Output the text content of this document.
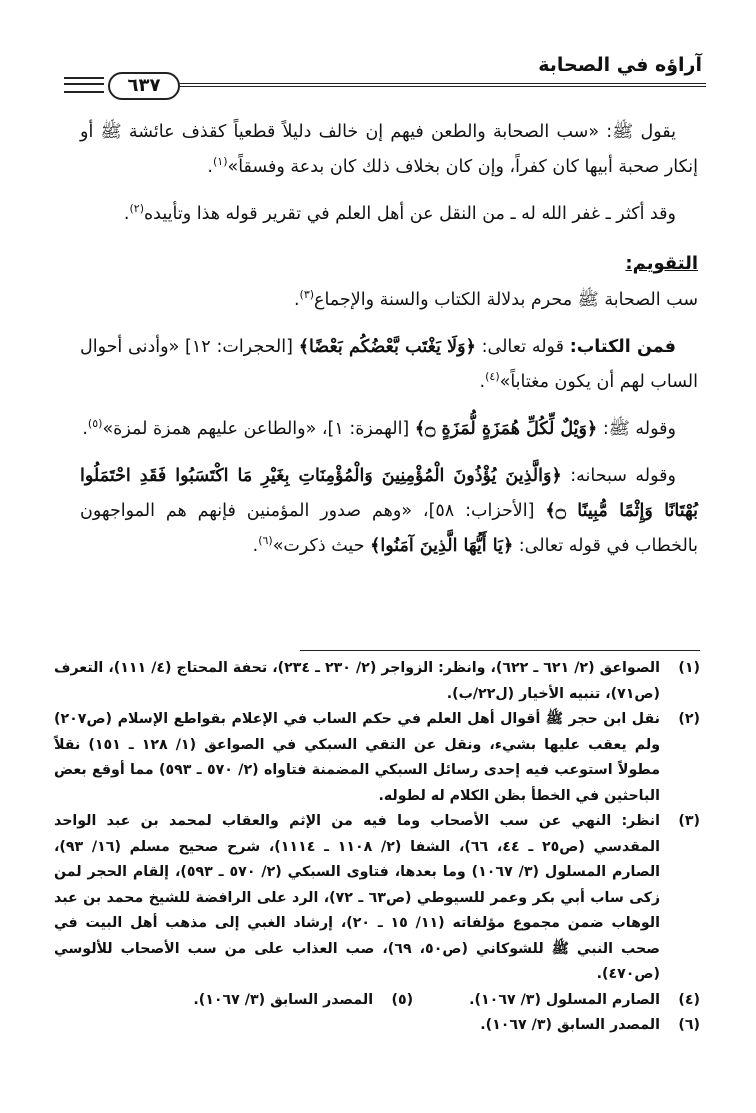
آراؤه في الصحابة
٦٣٧

يقول ﷺ: «سب الصحابة والطعن فيهم إن خالف دليلاً قطعياً كقذف عائشة ﷺ أو إنكار صحبة أبيها كان كفراً، وإن كان بخلاف ذلك كان بدعة وفسقاً»$^{(١)}$.

وقد أكثر ـ غفر الله له ـ من النقل عن أهل العلم في تقرير قوله هذا وتأييده$^{(٢)}$.

التقويم:

سب الصحابة ﷺ محرم بدلالة الكتاب والسنة والإجماع$^{(٣)}$.

فمن الكتاب: قوله تعالى: ﴿وَلَا يَغْتَب بَّعْضُكُم بَعْضًا﴾ [الحجرات: ١٢] «وأدنى أحوال الساب لهم أن يكون مغتاباً»$^{(٤)}$.

وقوله ﷺ: ﴿وَيْلٌ لِّكُلِّ هُمَزَةٍ لُّمَزَةٍ ۝﴾ [الهمزة: ١]، «والطاعن عليهم همزة لمزة»$^{(٥)}$.

وقوله سبحانه: ﴿وَالَّذِينَ يُؤْذُونَ الْمُؤْمِنِينَ وَالْمُؤْمِنَاتِ بِغَيْرِ مَا اكْتَسَبُوا فَقَدِ احْتَمَلُوا بُهْتَانًا وَإِثْمًا مُّبِينًا ۝﴾ [الأحزاب: ٥٨]، «وهم صدور المؤمنين فإنهم هم المواجهون بالخطاب في قوله تعالى: ﴿يَا أَيُّهَا الَّذِينَ آمَنُوا﴾ حيث ذكرت»$^{(٦)}$.

(١)
الصواعق (٢/ ٦٢١ ـ ٦٢٢)، وانظر: الزواجر (٢/ ٢٣٠ ـ ٢٣٤)، تحفة المحتاج (٤/ ١١١)، التعرف (ص٧١)، تنبيه الأخيار (ل٢٢/ب).
(٢)
نقل ابن حجر ﷺ أقوال أهل العلم في حكم الساب في الإعلام بقواطع الإسلام (ص٢٠٧) ولم يعقب عليها بشيء، ونقل عن التقي السبكي في الصواعق (١/ ١٢٨ ـ ١٥١) نقلاً مطولاً استوعب فيه إحدى رسائل السبكي المضمنة فتاواه (٢/ ٥٧٠ ـ ٥٩٣) مما أوقع بعض الباحثين في الخطأ بظن الكلام له لطوله.
(٣)
انظر: النهي عن سب الأصحاب وما فيه من الإثم والعقاب لمحمد بن عبد الواحد المقدسي (ص٢٥ ـ ٤٤، ٦٦)، الشفا (٢/ ١١٠٨ ـ ١١١٤)، شرح صحيح مسلم (١٦/ ٩٣)، الصارم المسلول (٣/ ١٠٦٧) وما بعدها، فتاوى السبكي (٢/ ٥٧٠ ـ ٥٩٣)، إلقام الحجر لمن زكى ساب أبي بكر وعمر للسيوطي (ص٦٣ ـ ٧٢)، الرد على الرافضة للشيخ محمد بن عبد الوهاب ضمن مجموع مؤلفاته (١١/ ١٥ ـ ٢٠)، إرشاد الغبي إلى مذهب أهل البيت في صحب النبي ﷺ للشوكاني (ص٥٠، ٦٩)، صب العذاب على من سب الأصحاب للألوسي (ص٤٧٠).
(٤)
الصارم المسلول (٣/ ١٠٦٧).
(٥)
المصدر السابق (٣/ ١٠٦٧).
(٦)
المصدر السابق (٣/ ١٠٦٧).
